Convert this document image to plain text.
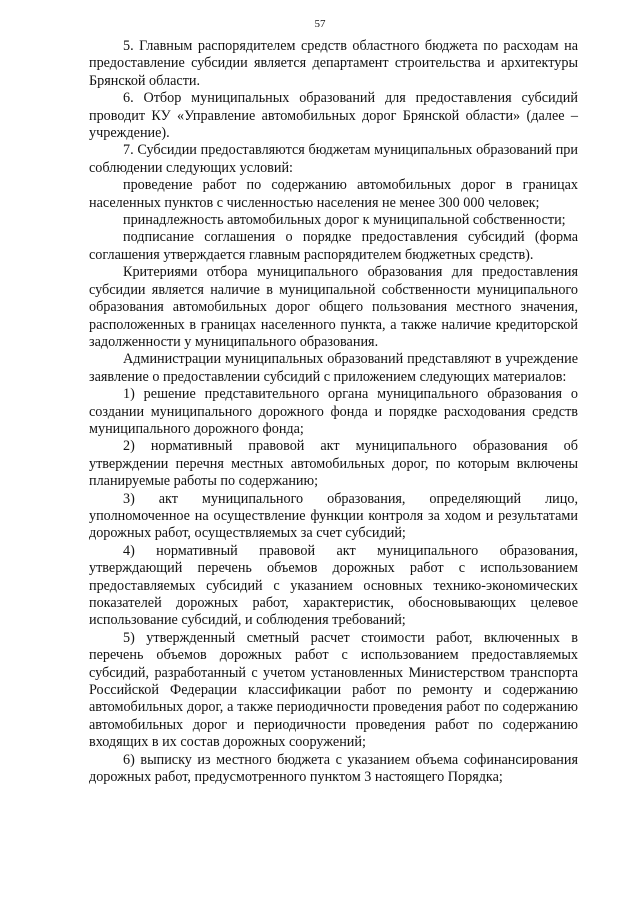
57

5. Главным распорядителем средств областного бюджета по расходам на предоставление субсидии является департамент строительства и архитектуры Брянской области.

6. Отбор муниципальных образований для предоставления субсидий проводит КУ «Управление автомобильных дорог Брянской области» (далее – учреждение).

7. Субсидии предоставляются бюджетам муниципальных образований при соблюдении следующих условий:

проведение работ по содержанию автомобильных дорог в границах населенных пунктов с численностью населения не менее 300 000 человек;

принадлежность автомобильных дорог к муниципальной собственности;

подписание соглашения о порядке предоставления субсидий (форма соглашения утверждается главным распорядителем бюджетных средств).

Критериями отбора муниципального образования для предоставления субсидии является наличие в муниципальной собственности муниципального образования автомобильных дорог общего пользования местного значения, расположенных в границах населенного пункта, а также наличие кредиторской задолженности у муниципального образования.

Администрации муниципальных образований представляют в учреждение заявление о предоставлении субсидий с приложением следующих материалов:

1) решение представительного органа муниципального образования о создании муниципального дорожного фонда и порядке расходования средств муниципального дорожного фонда;

2) нормативный правовой акт муниципального образования об утверждении перечня местных автомобильных дорог, по которым включены планируемые работы по содержанию;

3) акт муниципального образования, определяющий лицо, уполномоченное на осуществление функции контроля за ходом и результатами дорожных работ, осуществляемых за счет субсидий;

4) нормативный правовой акт муниципального образования, утверждающий перечень объемов дорожных работ с использованием предоставляемых субсидий с указанием основных технико-экономических показателей дорожных работ, характеристик, обосновывающих целевое использование субсидий, и соблюдения требований;

5) утвержденный сметный расчет стоимости работ, включенных в перечень объемов дорожных работ с использованием предоставляемых субсидий, разработанный с учетом установленных Министерством транспорта Российской Федерации классификации работ по ремонту и содержанию автомобильных дорог, а также периодичности проведения работ по содержанию автомобильных дорог и периодичности проведения работ по содержанию входящих в их состав дорожных сооружений;

6) выписку из местного бюджета с указанием объема софинансирования дорожных работ, предусмотренного пунктом 3 настоящего Порядка;
